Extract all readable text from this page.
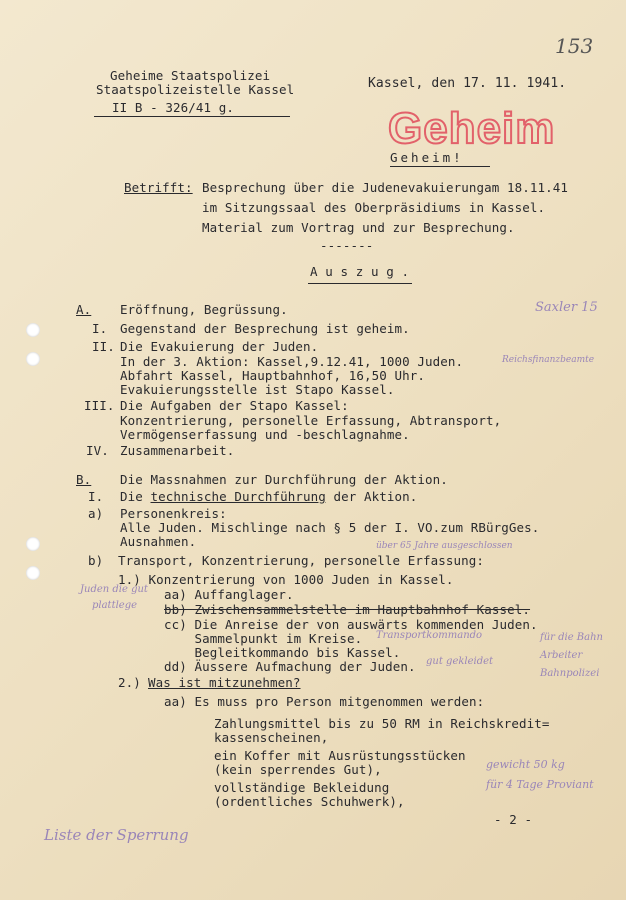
Geheime Staatspolizei
Staatspolizeistelle Kassel
II B - 326/41 g.
Kassel, den 17. 11. 1941.
153
Geheim
Geheim!
Betrifft: Besprechung über die Judenevakuierungam 18.11.41
im Sitzungssaal des Oberpräsidiums in Kassel.
Material zum Vortrag und zur Besprechung.
-------
A u s z u g .
A. Eröffnung, Begrüssung.
I. Gegenstand der Besprechung ist geheim.
II. Die Evakuierung der Juden.
In der 3. Aktion: Kassel,9.12.41, 1000 Juden.
Abfahrt Kassel, Hauptbahnhof, 16,50 Uhr.
Evakuierungsstelle ist Stapo Kassel.
III. Die Aufgaben der Stapo Kassel:
Konzentrierung, personelle Erfassung, Abtransport,
Vermögenserfassung und -beschlagnahme.
IV. Zusammenarbeit.
B. Die Massnahmen zur Durchführung der Aktion.
I. Die technische Durchführung der Aktion.
a) Personenkreis:
Alle Juden. Mischlinge nach § 5 der I. VO.zum RBürgGes.
Ausnahmen.
b) Transport, Konzentrierung, personelle Erfassung:
1.) Konzentrierung von 1000 Juden in Kassel.
aa) Auffanglager.
bb) Zwischensammelstelle im Hauptbahnhof Kassel.
cc) Die Anreise der von auswärts kommenden Juden.
Sammelpunkt im Kreise.
Begleitkommando bis Kassel.
dd) Äussere Aufmachung der Juden.
2.) Was ist mitzunehmen?
aa) Es muss pro Person mitgenommen werden:
Zahlungsmittel bis zu 50 RM in Reichskredit=
kassenscheinen,
ein Koffer mit Ausrüstungsstücken
(kein sperrendes Gut),
vollständige Bekleidung
(ordentliches Schuhwerk),
- 2 -
Juden die gut
plattlege
Saxler 15
Reichsfinanzbeamte
für die Bahn
Arbeiter
Bahnpolizei
über 65 Jahre ausgeschlossen
Transportkommando
gut gekleidet
gewicht 50 kg
für 4 Tage Proviant
Liste der Sperrung
